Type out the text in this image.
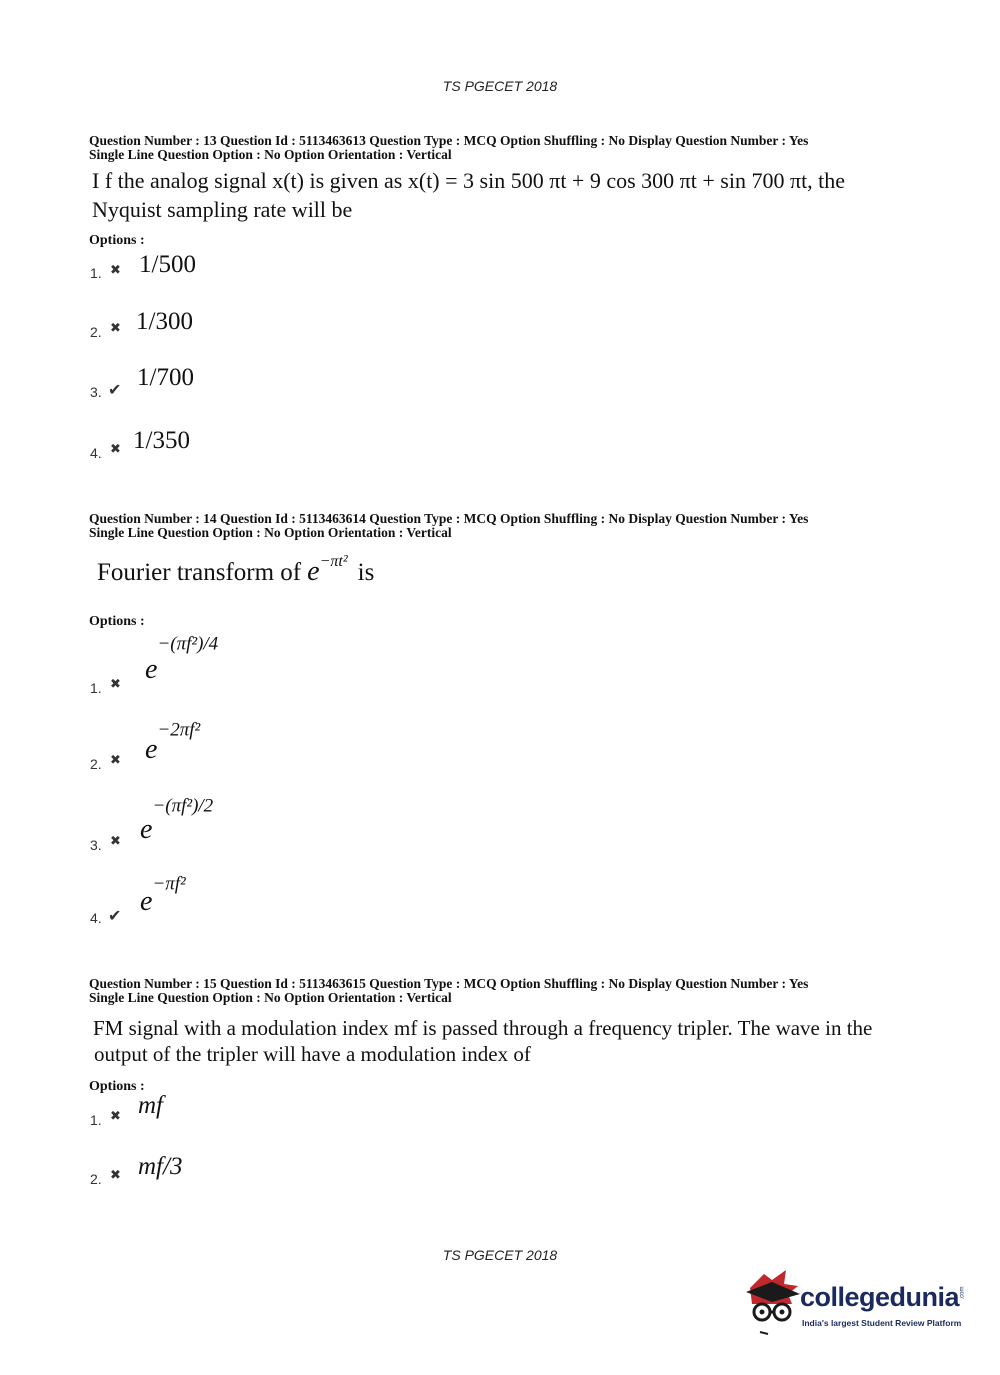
TS PGECET 2018
Question Number : 13 Question Id : 5113463613 Question Type : MCQ Option Shuffling : No Display Question Number : Yes
Single Line Question Option : No Option Orientation : Vertical
I f the analog signal x(t) is given as x(t) = 3 sin 500 πt + 9 cos 300 πt + sin 700 πt, the
Nyquist sampling rate will be
Options :
1. ✖ 1/500
2. ✖ 1/300
3. ✔ 1/700
4. ✖ 1/350
Question Number : 14 Question Id : 5113463614 Question Type : MCQ Option Shuffling : No Display Question Number : Yes
Single Line Question Option : No Option Orientation : Vertical
Fourier transform of $e^{-\pi t^2}$ is
Options :
1. ✖ $e^{-(\pi f^2)/4}$
2. ✖ $e^{-2\pi f^2}$
3. ✖ $e^{-(\pi f^2)/2}$
4. ✔ $e^{-\pi f^2}$
Question Number : 15 Question Id : 5113463615 Question Type : MCQ Option Shuffling : No Display Question Number : Yes
Single Line Question Option : No Option Orientation : Vertical
FM signal with a modulation index mf is passed through a frequency tripler. The wave in the
output of the tripler will have a modulation index of
Options :
1. ✖ mf
2. ✖ mf/3
TS PGECET 2018
collegedunia .com
India's largest Student Review Platform
